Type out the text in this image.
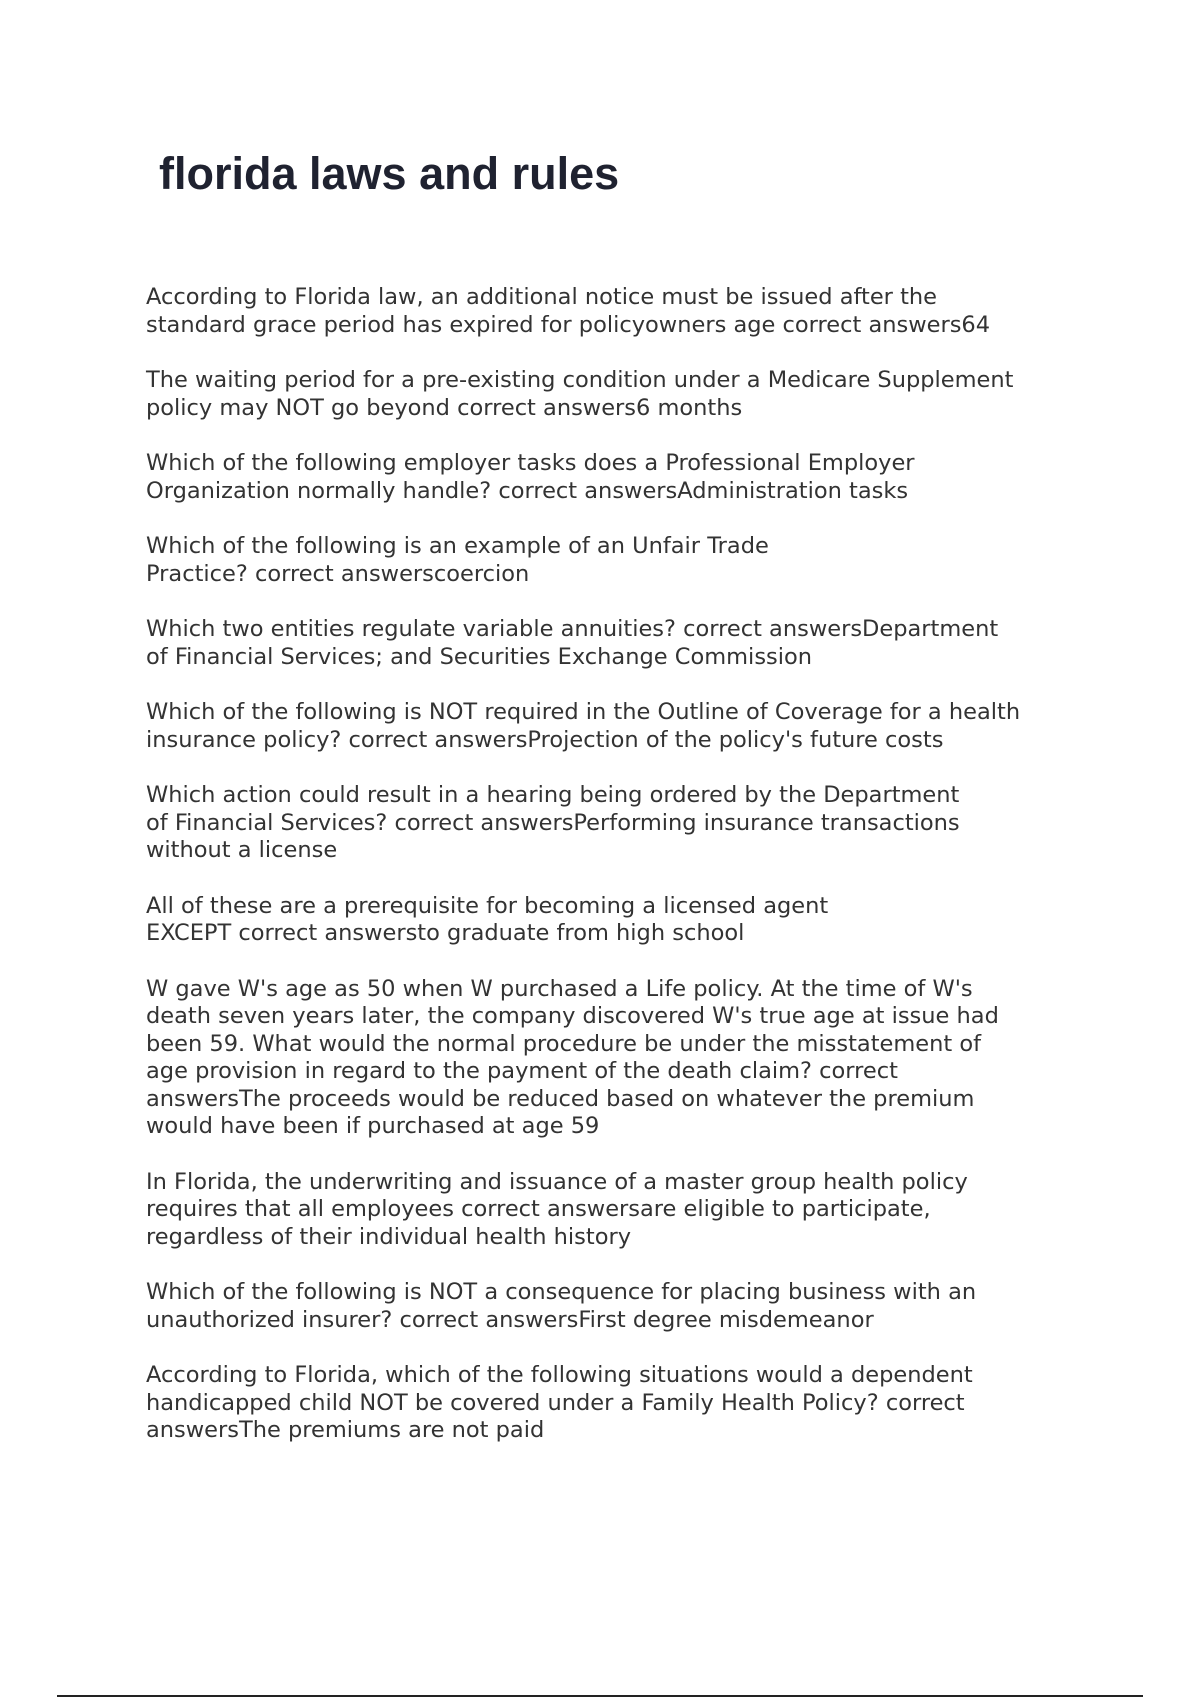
florida laws and rules
According to Florida law, an additional notice must be issued after the
standard grace period has expired for policyowners age correct answers64
The waiting period for a pre-existing condition under a Medicare Supplement
policy may NOT go beyond correct answers6 months
Which of the following employer tasks does a Professional Employer
Organization normally handle? correct answersAdministration tasks
Which of the following is an example of an Unfair Trade
Practice? correct answerscoercion
Which two entities regulate variable annuities? correct answersDepartment
of Financial Services; and Securities Exchange Commission
Which of the following is NOT required in the Outline of Coverage for a health
insurance policy? correct answersProjection of the policy's future costs
Which action could result in a hearing being ordered by the Department
of Financial Services? correct answersPerforming insurance transactions
without a license
All of these are a prerequisite for becoming a licensed agent
EXCEPT correct answersto graduate from high school
W gave W's age as 50 when W purchased a Life policy. At the time of W's
death seven years later, the company discovered W's true age at issue had
been 59. What would the normal procedure be under the misstatement of
age provision in regard to the payment of the death claim? correct
answersThe proceeds would be reduced based on whatever the premium
would have been if purchased at age 59
In Florida, the underwriting and issuance of a master group health policy
requires that all employees correct answersare eligible to participate,
regardless of their individual health history
Which of the following is NOT a consequence for placing business with an
unauthorized insurer? correct answersFirst degree misdemeanor
According to Florida, which of the following situations would a dependent
handicapped child NOT be covered under a Family Health Policy? correct
answersThe premiums are not paid
